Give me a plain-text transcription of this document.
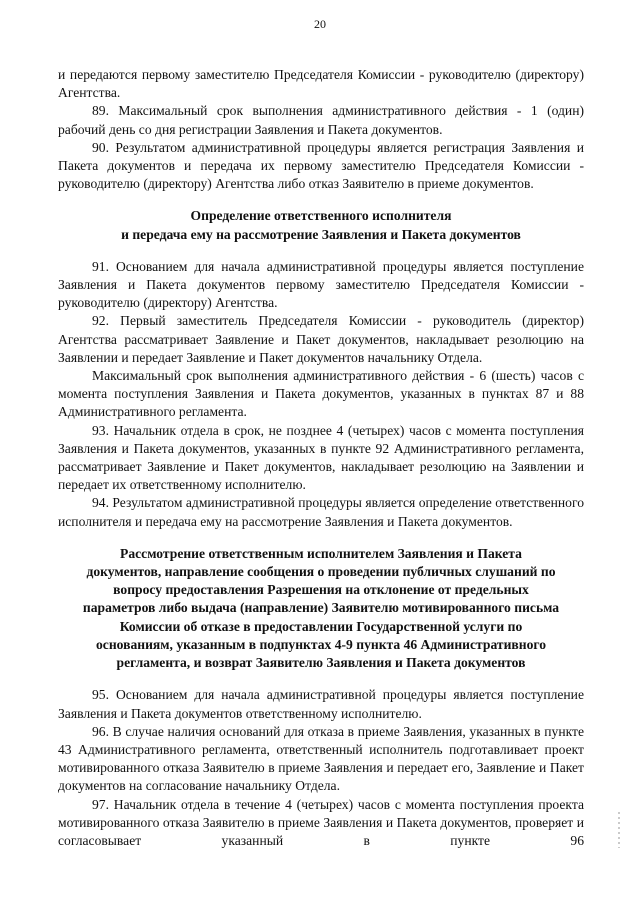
20

и передаются первому заместителю Председателя Комиссии - руководителю (директору) Агентства.

89. Максимальный срок выполнения административного действия - 1 (один) рабочий день со дня регистрации Заявления и Пакета документов.

90. Результатом административной процедуры является регистрация Заявления и Пакета документов и передача их первому заместителю Председателя Комиссии - руководителю (директору) Агентства либо отказ Заявителю в приеме документов.

Определение ответственного исполнителя
и передача ему на рассмотрение Заявления и Пакета документов

91. Основанием для начала административной процедуры является поступление Заявления и Пакета документов первому заместителю Председателя Комиссии - руководителю (директору) Агентства.

92. Первый заместитель Председателя Комиссии - руководитель (директор) Агентства рассматривает Заявление и Пакет документов, накладывает резолюцию на Заявлении и передает Заявление и Пакет документов начальнику Отдела.

Максимальный срок выполнения административного действия - 6 (шесть) часов с момента поступления Заявления и Пакета документов, указанных в пунктах 87 и 88 Административного регламента.

93. Начальник отдела в срок, не позднее 4 (четырех) часов с момента поступления Заявления и Пакета документов, указанных в пункте 92 Административного регламента, рассматривает Заявление и Пакет документов, накладывает резолюцию на Заявлении и передает их ответственному исполнителю.

94. Результатом административной процедуры является определение ответственного исполнителя и передача ему на рассмотрение Заявления и Пакета документов.

Рассмотрение ответственным исполнителем Заявления и Пакета
документов, направление сообщения о проведении публичных слушаний по
вопросу предоставления Разрешения на отклонение от предельных
параметров либо выдача (направление) Заявителю мотивированного письма
Комиссии об отказе в предоставлении Государственной услуги по
основаниям, указанным в подпунктах 4-9 пункта 46 Административного
регламента, и возврат Заявителю Заявления и Пакета документов

95. Основанием для начала административной процедуры является поступление Заявления и Пакета документов ответственному исполнителю.

96. В случае наличия оснований для отказа в приеме Заявления, указанных в пункте 43 Административного регламента, ответственный исполнитель подготавливает проект мотивированного отказа Заявителю в приеме Заявления и передает его, Заявление и Пакет документов на согласование начальнику Отдела.

97. Начальник отдела в течение 4 (четырех) часов с момента поступления проекта мотивированного отказа Заявителю в приеме Заявления и Пакета документов, проверяет и согласовывает указанный в пункте 96
